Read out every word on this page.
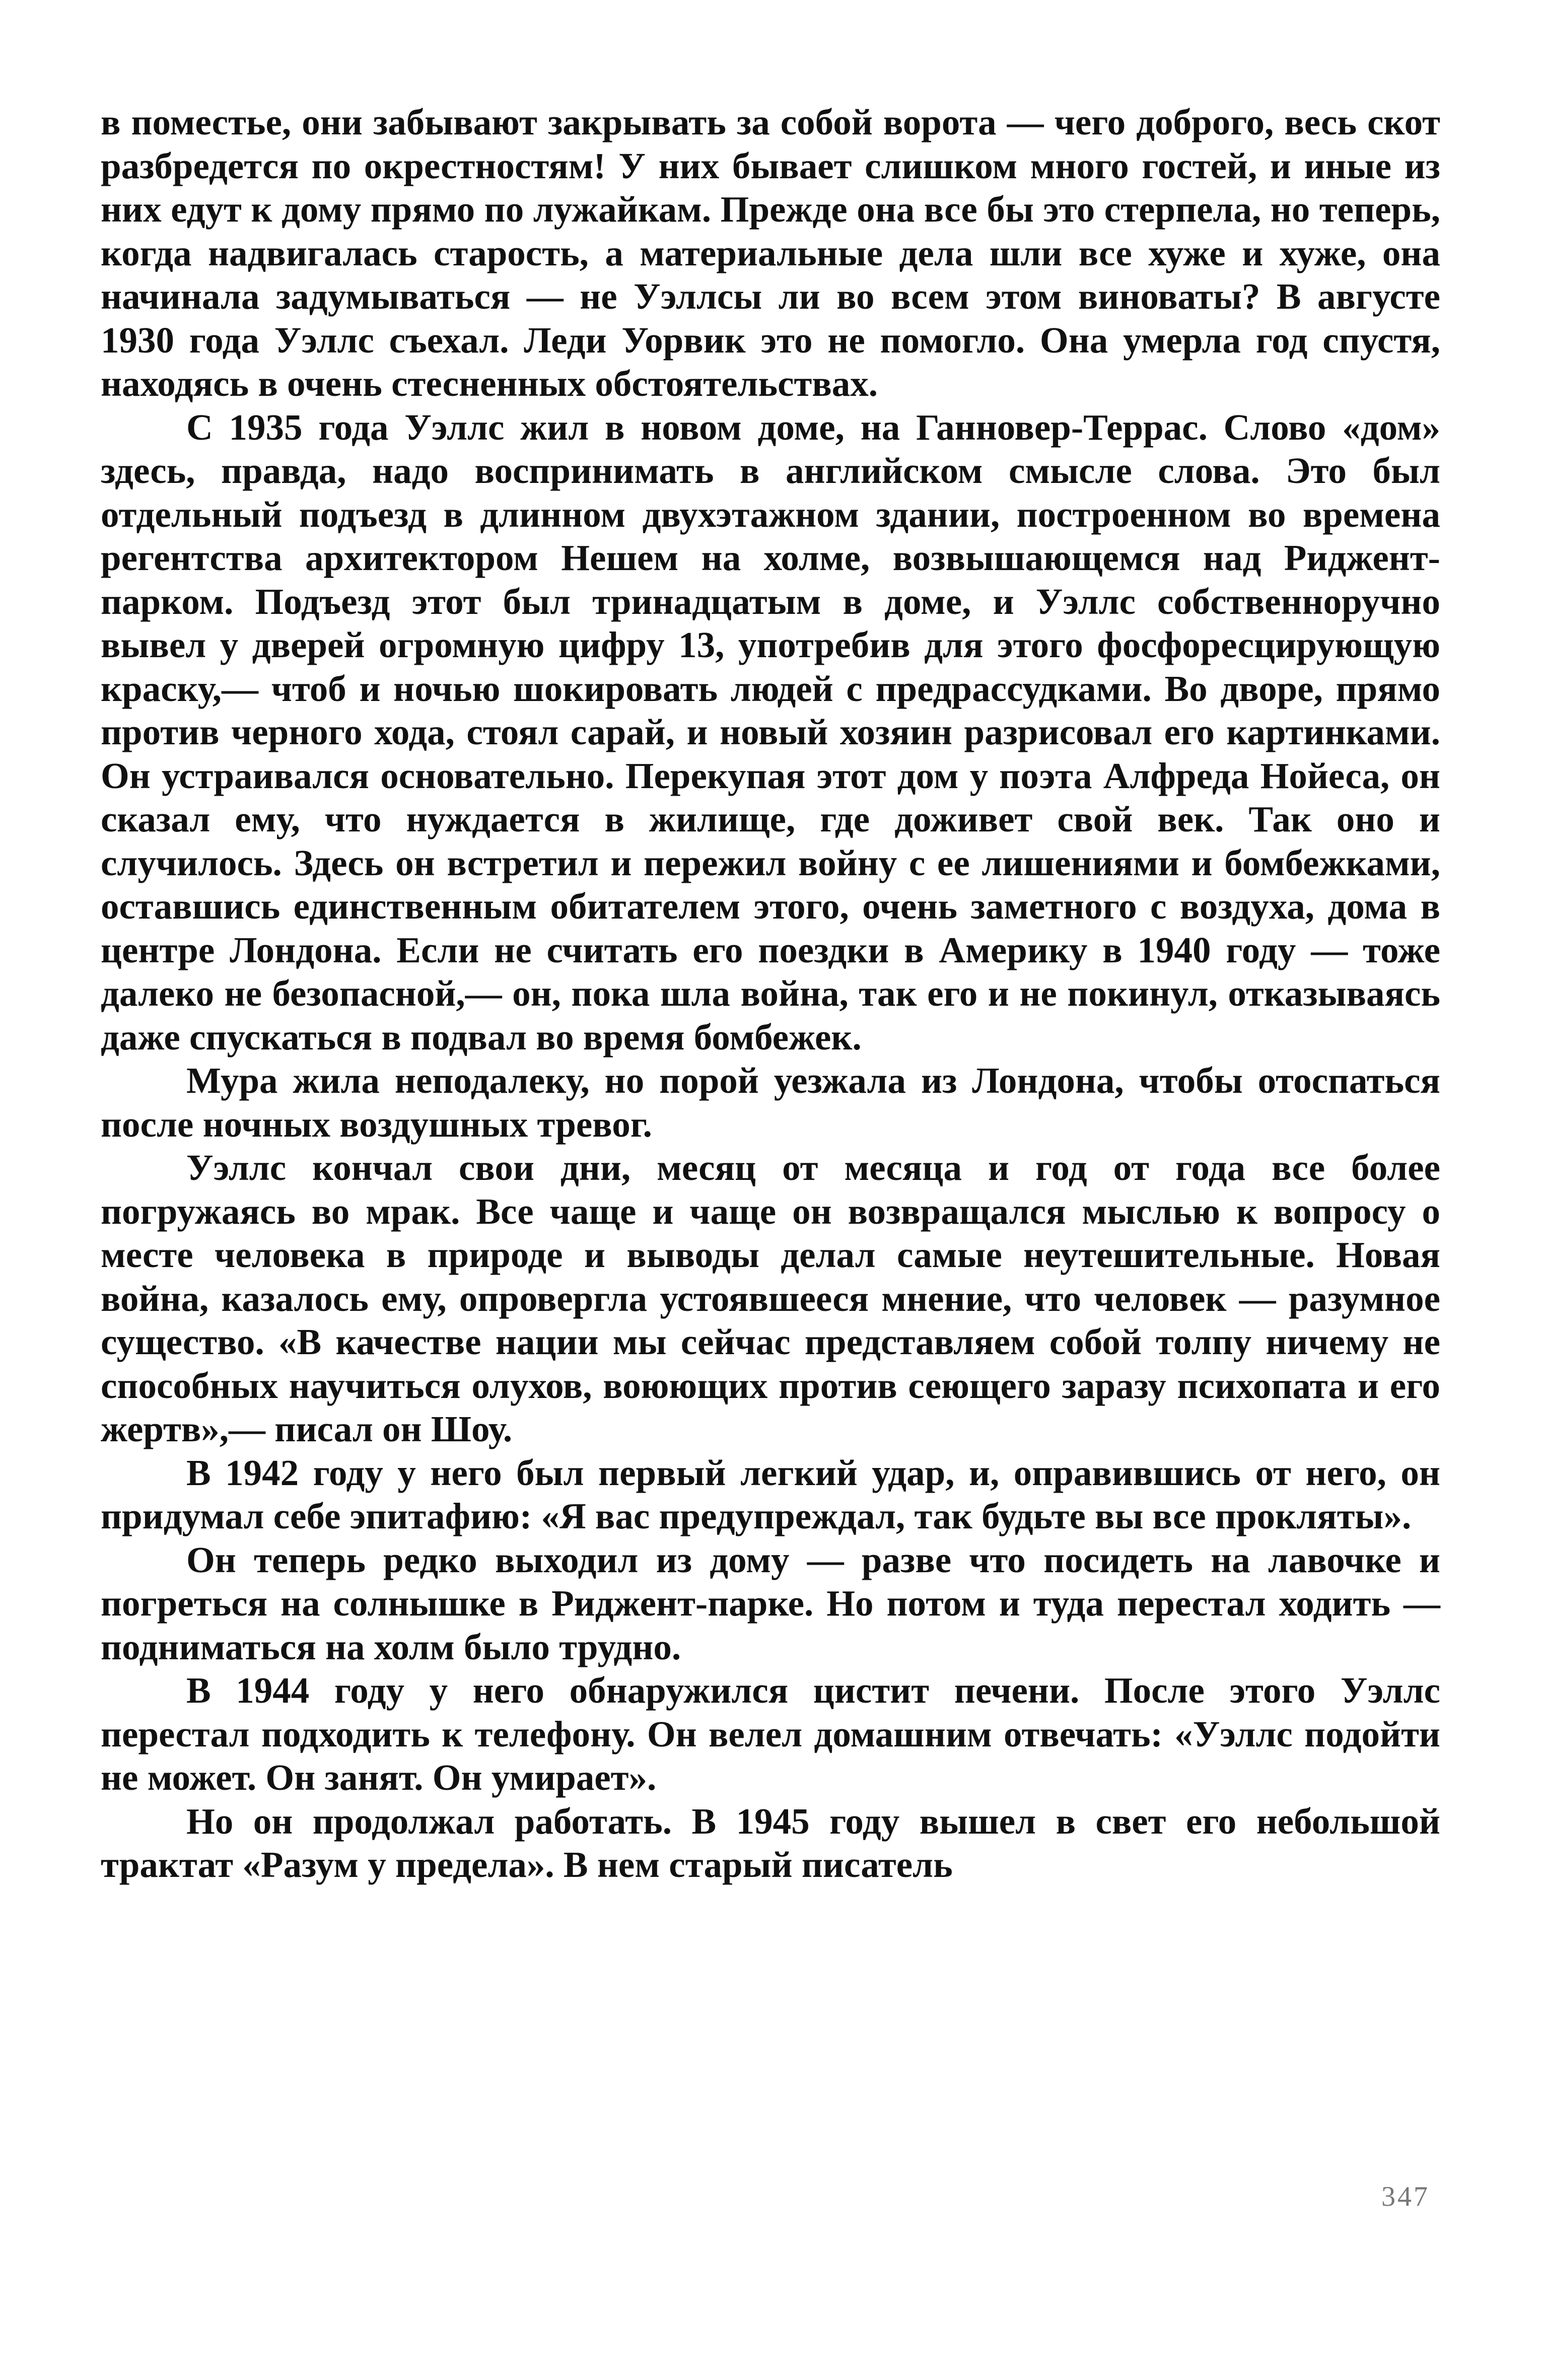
в поместье, они забывают закрывать за собой ворота — чего доброго, весь скот разбредется по окрестностям! У них бывает слишком много гостей, и иные из них едут к дому прямо по лужайкам. Прежде она все бы это стерпела, но теперь, когда надвигалась старость, а материальные дела шли все хуже и хуже, она начинала задумываться — не Уэллсы ли во всем этом виноваты? В августе 1930 года Уэллс съехал. Леди Уорвик это не помогло. Она умерла год спустя, находясь в очень стесненных обстоятельствах.

С 1935 года Уэллс жил в новом доме, на Ганновер-Террас. Слово «дом» здесь, правда, надо воспринимать в английском смысле слова. Это был отдельный подъезд в длинном двухэтажном здании, построенном во времена регентства архитектором Нешем на холме, возвышающемся над Риджент-парком. Подъезд этот был тринадцатым в доме, и Уэллс собственноручно вывел у дверей огромную цифру 13, употребив для этого фосфоресцирующую краску,— чтоб и ночью шокировать людей с предрассудками. Во дворе, прямо против черного хода, стоял сарай, и новый хозяин разрисовал его картинками. Он устраивался основательно. Перекупая этот дом у поэта Алфреда Нойеса, он сказал ему, что нуждается в жилище, где доживет свой век. Так оно и случилось. Здесь он встретил и пережил войну с ее лишениями и бомбежками, оставшись единственным обитателем этого, очень заметного с воздуха, дома в центре Лондона. Если не считать его поездки в Америку в 1940 году — тоже далеко не безопасной,— он, пока шла война, так его и не покинул, отказываясь даже спускаться в подвал во время бомбежек.

Мура жила неподалеку, но порой уезжала из Лондона, чтобы отоспаться после ночных воздушных тревог.

Уэллс кончал свои дни, месяц от месяца и год от года все более погружаясь во мрак. Все чаще и чаще он возвращался мыслью к вопросу о месте человека в природе и выводы делал самые неутешительные. Новая война, казалось ему, опровергла устоявшееся мнение, что человек — разумное существо. «В качестве нации мы сейчас представляем собой толпу ничему не способных научиться олухов, воюющих против сеющего заразу психопата и его жертв»,— писал он Шоу.

В 1942 году у него был первый легкий удар, и, оправившись от него, он придумал себе эпитафию: «Я вас предупреждал, так будьте вы все прокляты».

Он теперь редко выходил из дому — разве что посидеть на лавочке и погреться на солнышке в Риджент-парке. Но потом и туда перестал ходить — подниматься на холм было трудно.

В 1944 году у него обнаружился цистит печени. После этого Уэллс перестал подходить к телефону. Он велел домашним отвечать: «Уэллс подойти не может. Он занят. Он умирает».

Но он продолжал работать. В 1945 году вышел в свет его небольшой трактат «Разум у предела». В нем старый писатель

347
